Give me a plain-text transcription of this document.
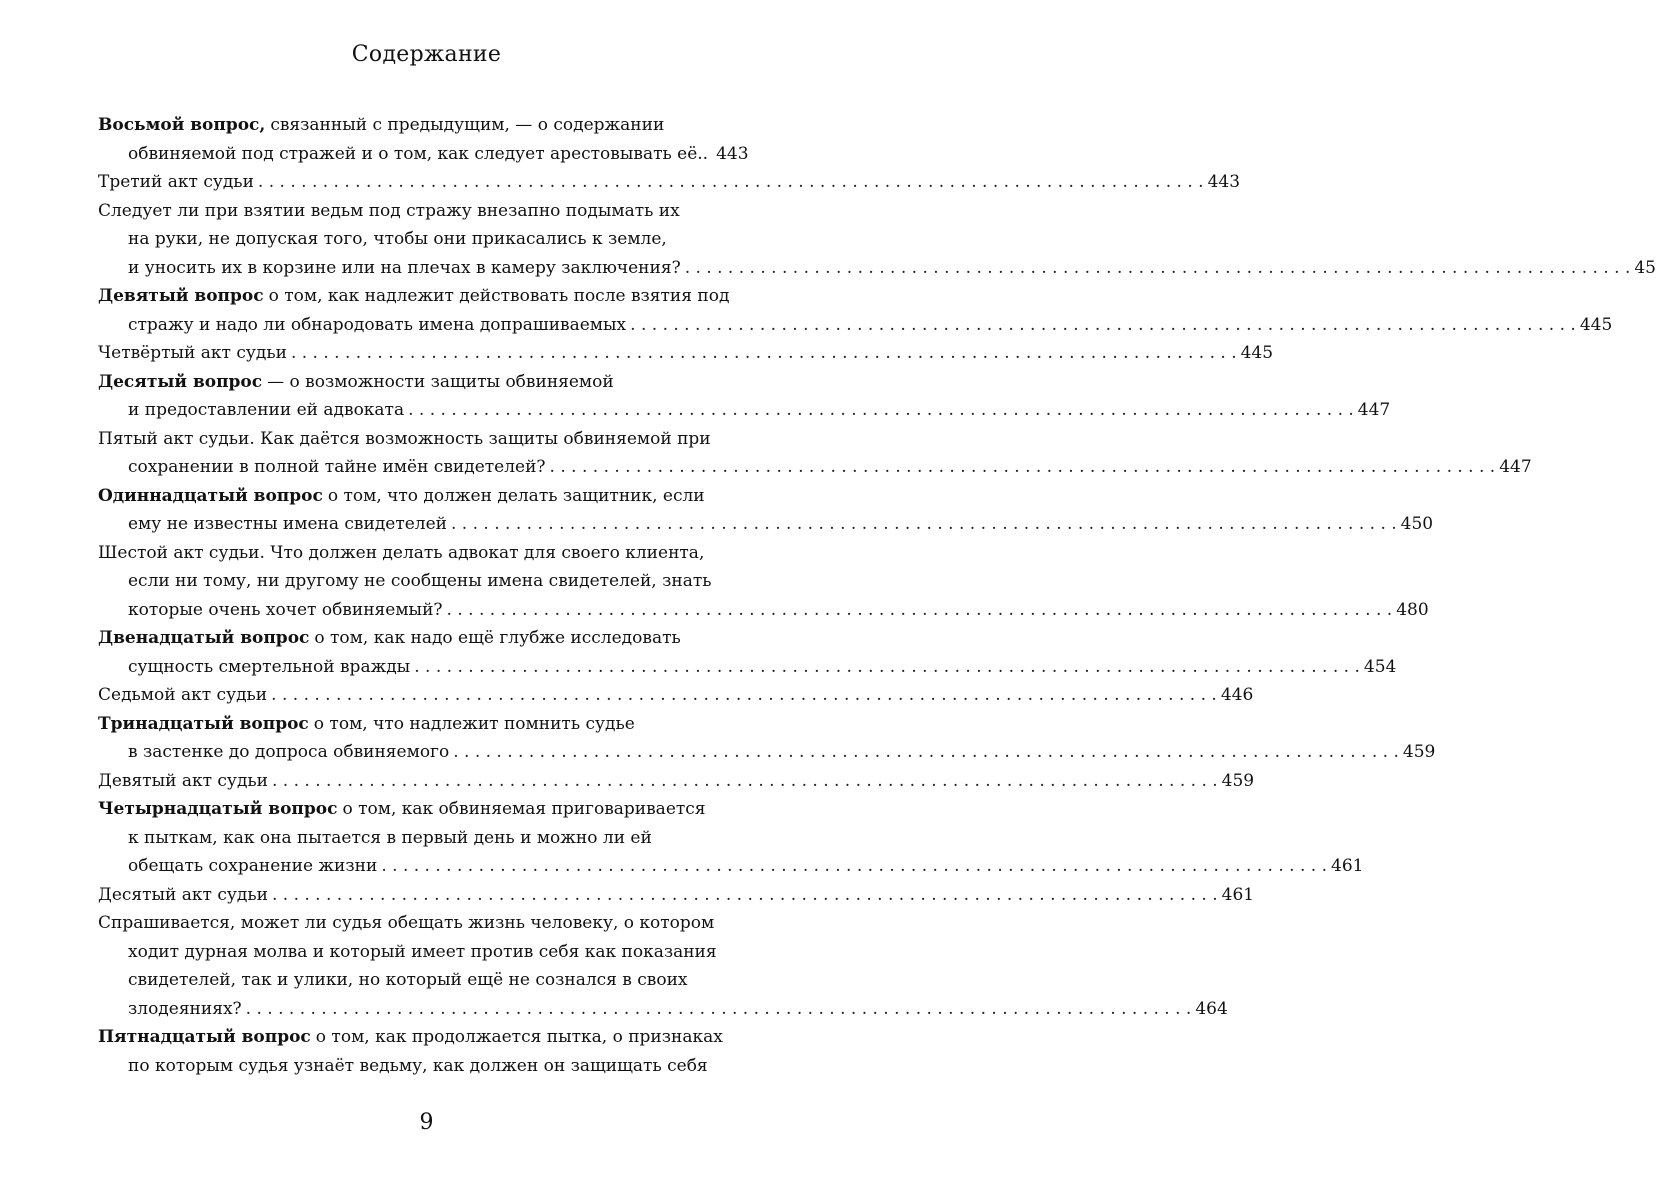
Содержание
Восьмой вопрос, связанный с предыдущим, — о содержании
обвиняемой под стражей и о том, как следует арестовывать её.. 443
Третий акт судьи . . .	443
Следует ли при взятии ведьм под стражу внезапно подымать их
на руки, не допуская того, чтобы они прикасались к земле,
и уносить их в корзине или на плечах в камеру заключения? . . .	45
Девятый вопрос о том, как надлежит действовать после взятия под
стражу и надо ли обнародовать имена допрашиваемых . . .	445
Четвёртый акт судьи . . .	445
Десятый вопрос — о возможности защиты обвиняемой
и предоставлении ей адвоката . . .	447
Пятый акт судьи. Как даётся возможность защиты обвиняемой при
сохранении в полной тайне имён свидетелей? . . .	447
Одиннадцатый вопрос о том, что должен делать защитник, если
ему не известны имена свидетелей . . .	450
Шестой акт судьи. Что должен делать адвокат для своего клиента,
если ни тому, ни другому не сообщены имена свидетелей, знать
которые очень хочет обвиняемый? . . .	480
Двенадцатый вопрос о том, как надо ещё глубже исследовать
сущность смертельной вражды . . .	454
Седьмой акт судьи . . .	446
Тринадцатый вопрос о том, что надлежит помнить судье
в застенке до допроса обвиняемого . . .	459
Девятый акт судьи . . .	459
Четырнадцатый вопрос о том, как обвиняемая приговаривается
к пыткам, как она пытается в первый день и можно ли ей
обещать сохранение жизни . . .	461
Десятый акт судьи . . .	461
Спрашивается, может ли судья обещать жизнь человеку, о котором
ходит дурная молва и который имеет против себя как показания
свидетелей, так и улики, но который ещё не сознался в своих
злодеяниях? . . .	464
Пятнадцатый вопрос о том, как продолжается пытка, о признаках
по которым судья узнаёт ведьму, как должен он защищать себя
9
